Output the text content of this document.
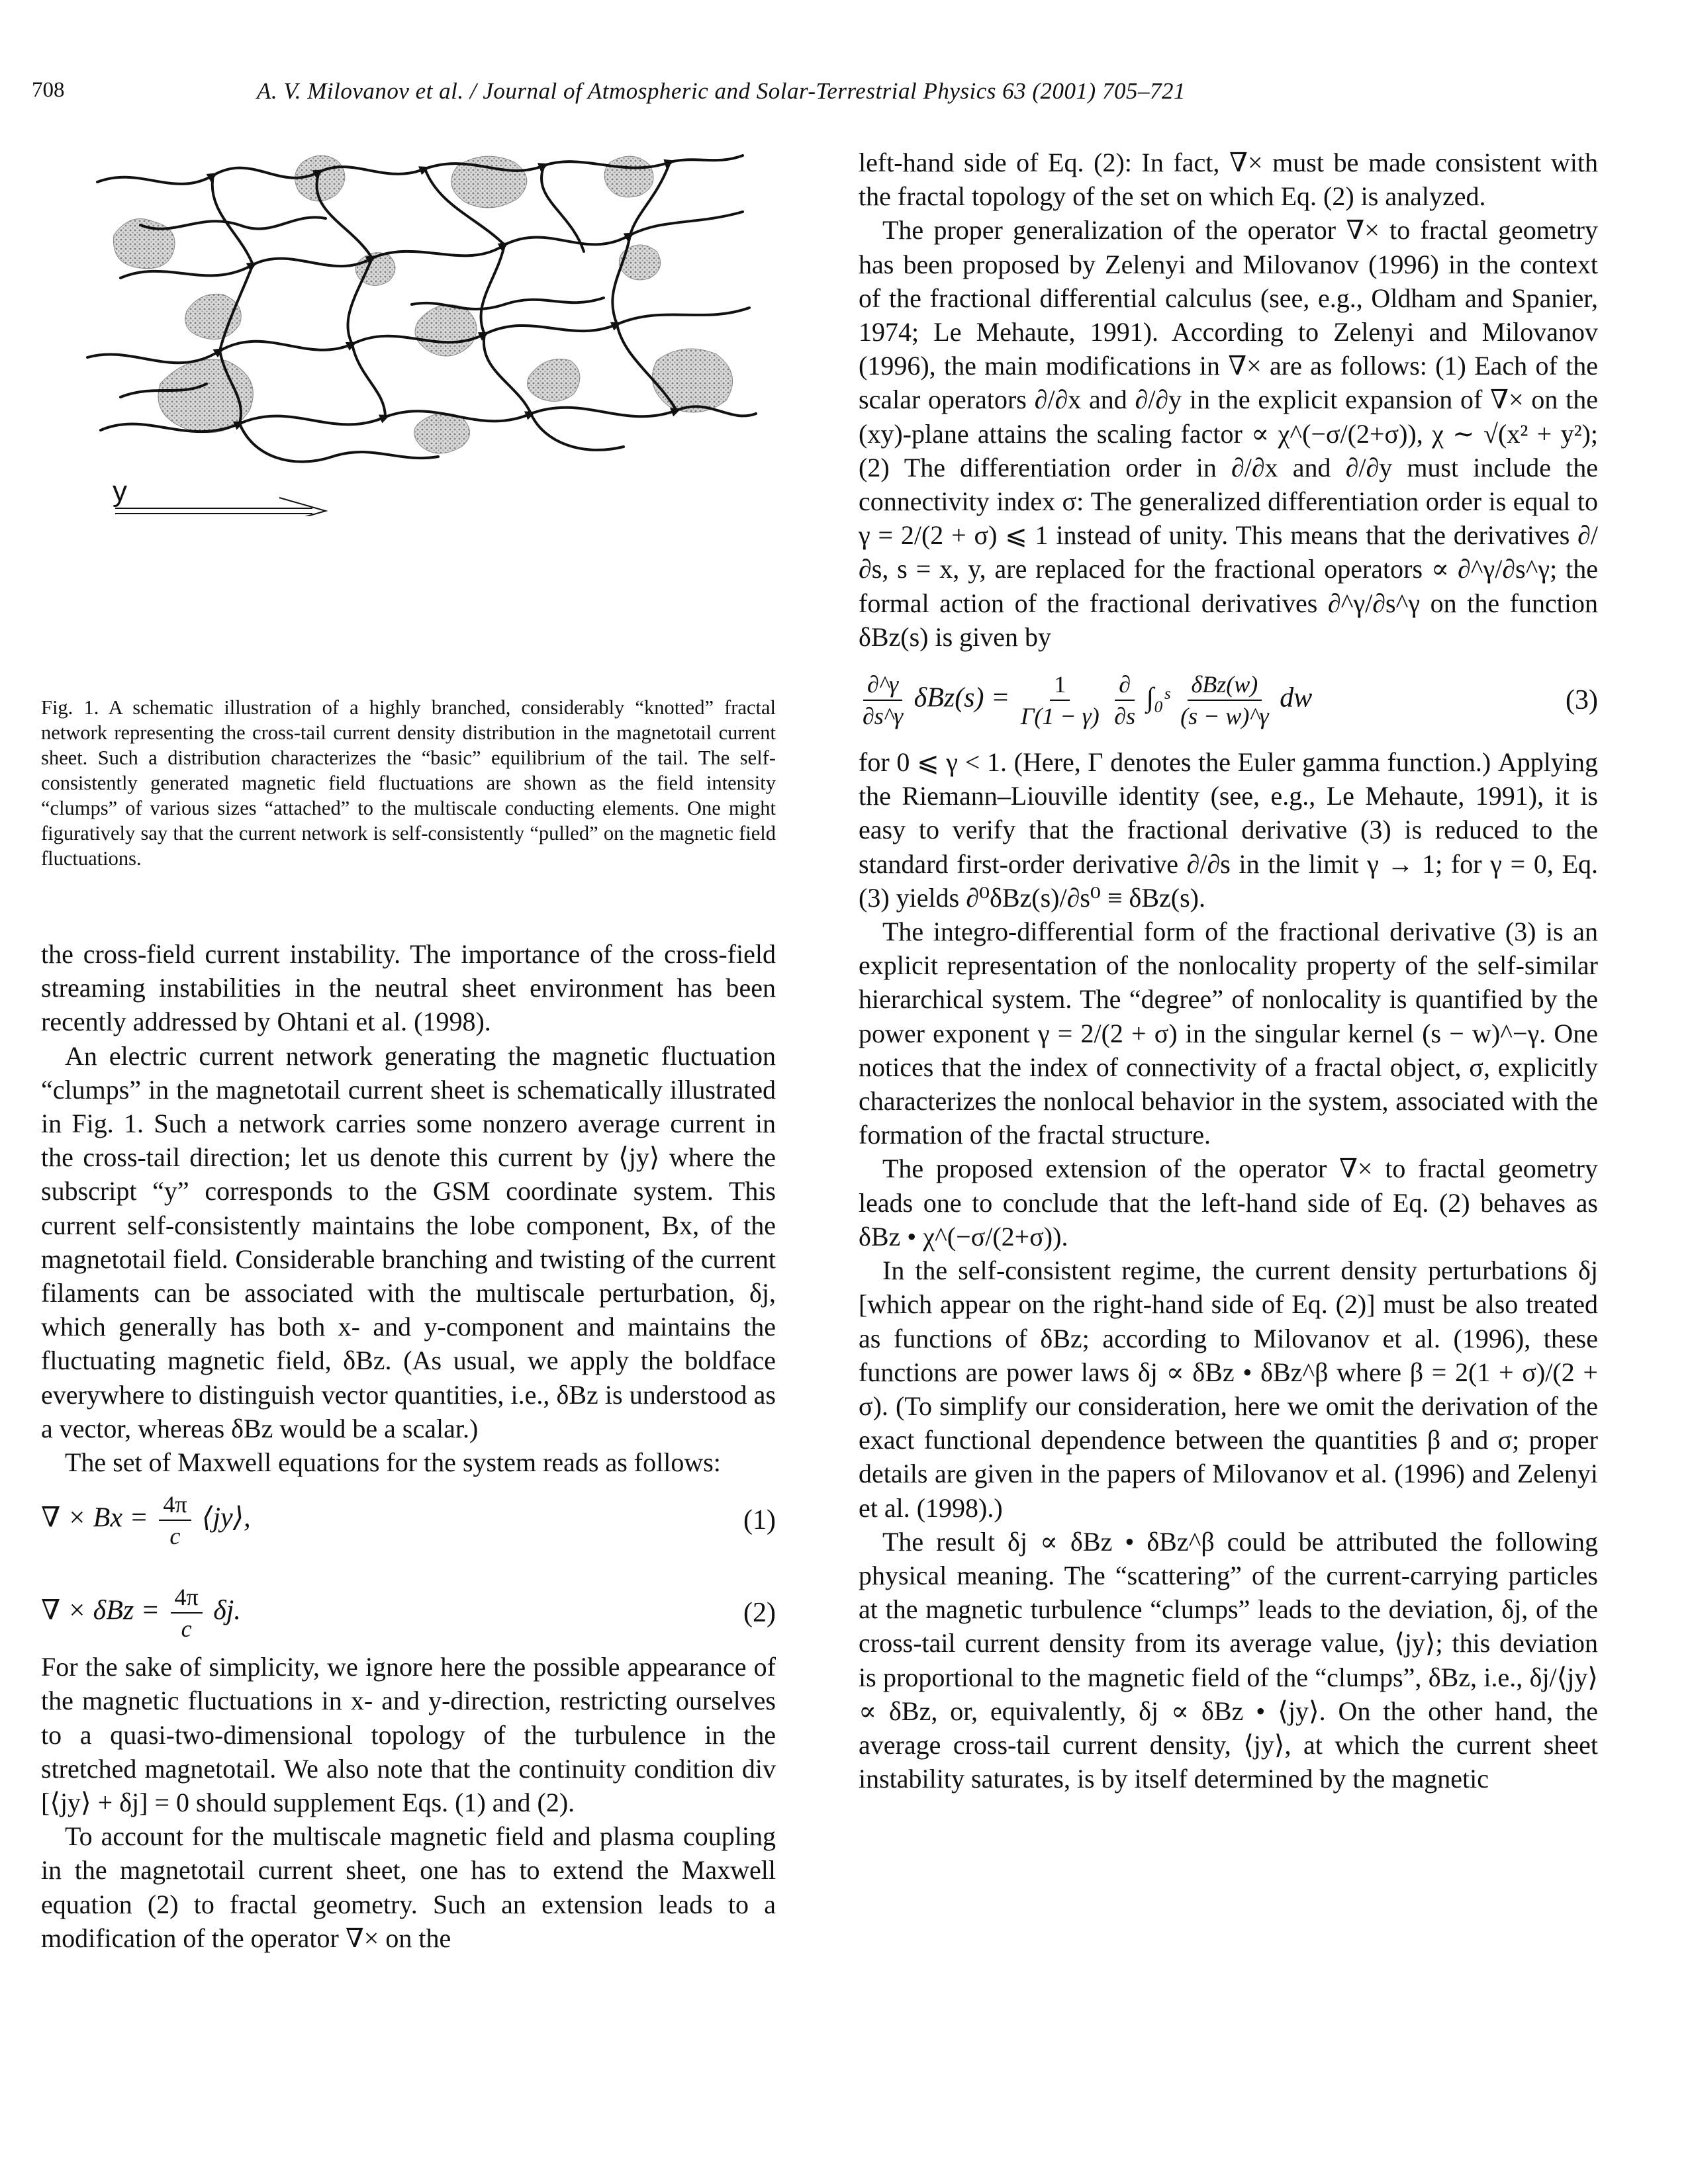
708	A. V. Milovanov et al. / Journal of Atmospheric and Solar-Terrestrial Physics 63 (2001) 705–721
y
Fig. 1. A schematic illustration of a highly branched, considerably “knotted” fractal network representing the cross-tail current density distribution in the magnetotail current sheet. Such a distribution characterizes the “basic” equilibrium of the tail. The self-consistently generated magnetic field fluctuations are shown as the field intensity “clumps” of various sizes “attached” to the multiscale conducting elements. One might figuratively say that the current network is self-consistently “pulled” on the magnetic field fluctuations.

the cross-field current instability. The importance of the cross-field streaming instabilities in the neutral sheet environment has been recently addressed by Ohtani et al. (1998).

An electric current network generating the magnetic fluctuation “clumps” in the magnetotail current sheet is schematically illustrated in Fig. 1. Such a network carries some nonzero average current in the cross-tail direction; let us denote this current by ⟨jy⟩ where the subscript “y” corresponds to the GSM coordinate system. This current self-consistently maintains the lobe component, Bx, of the magnetotail field. Considerable branching and twisting of the current filaments can be associated with the multiscale perturbation, δj, which generally has both x- and y-component and maintains the fluctuating magnetic field, δBz. (As usual, we apply the boldface everywhere to distinguish vector quantities, i.e., δBz is understood as a vector, whereas δBz would be a scalar.)

The set of Maxwell equations for the system reads as follows:

∇ × $Bx = \frac{4\pi}{c}$ ⟨jy⟩,	(1)
∇ × $\delta Bz = \frac{4\pi}{c} \delta j$.	(2)

For the sake of simplicity, we ignore here the possible appearance of the magnetic fluctuations in x- and y-direction, restricting ourselves to a quasi-two-dimensional topology of the turbulence in the stretched magnetotail. We also note that the continuity condition div [⟨jy⟩ + δj] = 0 should supplement Eqs. (1) and (2).

To account for the multiscale magnetic field and plasma coupling in the magnetotail current sheet, one has to extend the Maxwell equation (2) to fractal geometry. Such an extension leads to a modification of the operator ∇× on the

left-hand side of Eq. (2): In fact, ∇× must be made consistent with the fractal topology of the set on which Eq. (2) is analyzed.

The proper generalization of the operator ∇× to fractal geometry has been proposed by Zelenyi and Milovanov (1996) in the context of the fractional differential calculus (see, e.g., Oldham and Spanier, 1974; Le Mehaute, 1991). According to Zelenyi and Milovanov (1996), the main modifications in ∇× are as follows: (1) Each of the scalar operators ∂/∂x and ∂/∂y in the explicit expansion of ∇× on the (xy)-plane attains the scaling factor ∝ χ^(−σ/(2+σ)), χ ∼ √(x² + y²); (2) The differentiation order in ∂/∂x and ∂/∂y must include the connectivity index σ: The generalized differentiation order is equal to γ = 2/(2 + σ) ⩽ 1 instead of unity. This means that the derivatives ∂/∂s, s = x, y, are replaced for the fractional operators ∝ ∂^γ/∂s^γ; the formal action of the fractional derivatives ∂^γ/∂s^γ on the function δBz(s) is given by

$\frac{\partial\^{}\gamma}{\partial s\^{}\gamma} \delta Bz(s) = \frac{1}{\Gamma(1 - \gamma)}$
$\frac{\partial}{\partial s}$ ∫₀ˢ $\frac{\text{δBz(w)}}{(s - w)\^{}\gamma}$ dw	(3)

for 0 ⩽ γ < 1. (Here, Γ denotes the Euler gamma function.) Applying the Riemann–Liouville identity (see, e.g., Le Mehaute, 1991), it is easy to verify that the fractional derivative (3) is reduced to the standard first-order derivative ∂/∂s in the limit γ → 1; for γ = 0, Eq. (3) yields ∂⁰δBz(s)/∂s⁰ ≡ δBz(s).

The integro-differential form of the fractional derivative (3) is an explicit representation of the nonlocality property of the self-similar hierarchical system. The “degree” of nonlocality is quantified by the power exponent γ = 2/(2 + σ) in the singular kernel (s − w)^−γ. One notices that the index of connectivity of a fractal object, σ, explicitly characterizes the nonlocal behavior in the system, associated with the formation of the fractal structure.

The proposed extension of the operator ∇× to fractal geometry leads one to conclude that the left-hand side of Eq. (2) behaves as δBz • χ^(−σ/(2+σ)).

In the self-consistent regime, the current density perturbations δj [which appear on the right-hand side of Eq. (2)] must be also treated as functions of δBz; according to Milovanov et al. (1996), these functions are power laws δj ∝ δBz • δBz^β where β = 2(1 + σ)/(2 + σ). (To simplify our consideration, here we omit the derivation of the exact functional dependence between the quantities β and σ; proper details are given in the papers of Milovanov et al. (1996) and Zelenyi et al. (1998).)

The result δj ∝ δBz • δBz^β could be attributed the following physical meaning. The “scattering” of the current-carrying particles at the magnetic turbulence “clumps” leads to the deviation, δj, of the cross-tail current density from its average value, ⟨jy⟩; this deviation is proportional to the magnetic field of the “clumps”, δBz, i.e., δj/⟨jy⟩ ∝ δBz, or, equivalently, δj ∝ δBz • ⟨jy⟩. On the other hand, the average cross-tail current density, ⟨jy⟩, at which the current sheet instability saturates, is by itself determined by the magnetic
